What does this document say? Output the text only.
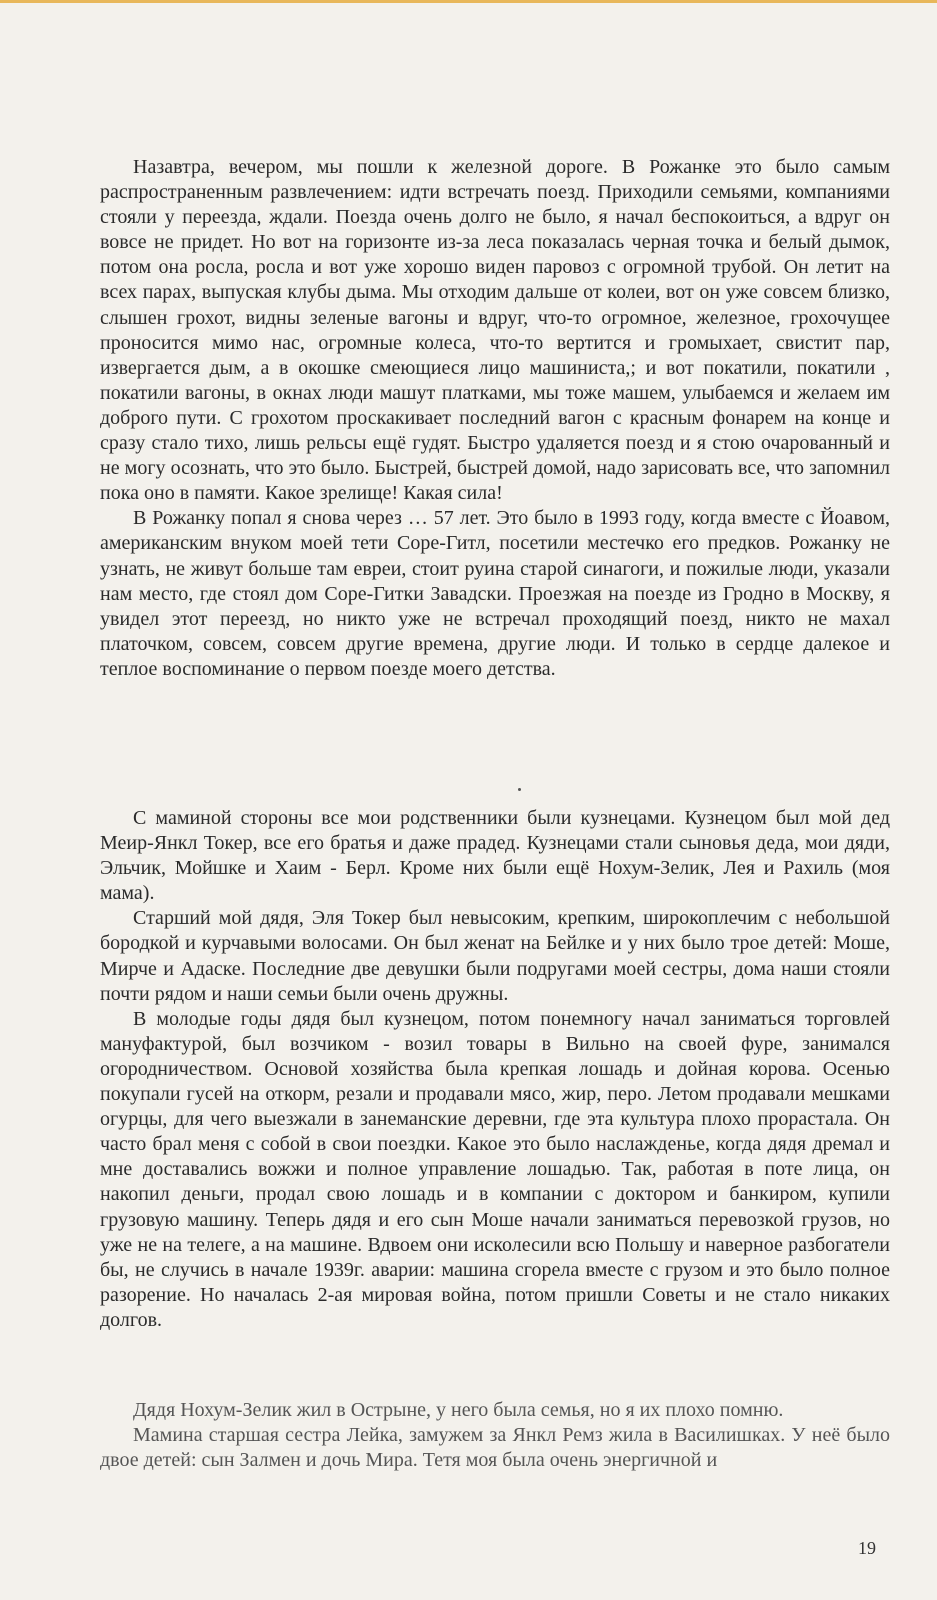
Назавтра, вечером, мы пошли к железной дороге. В Рожанке это было самым распространенным развлечением: идти встречать поезд. Приходили семьями, компаниями стояли у переезда, ждали. Поезда очень долго не было, я начал беспокоиться, а вдруг он вовсе не придет. Но вот на горизонте из-за леса показалась черная точка и белый дымок, потом она росла, росла и вот уже хорошо виден паровоз с огромной трубой. Он летит на всех парах, выпуская клубы дыма. Мы отходим дальше от колеи, вот он уже совсем близко, слышен грохот, видны зеленые вагоны и вдруг, что-то огромное, железное, грохочущее проносится мимо нас, огромные колеса, что-то вертится и громыхает, свистит пар, извергается дым, а в окошке смеющиеся лицо машиниста,; и вот покатили, покатили , покатили вагоны, в окнах люди машут платками, мы тоже машем, улыбаемся и желаем им доброго пути. С грохотом проскакивает последний вагон с красным фонарем на конце и сразу стало тихо, лишь рельсы ещё гудят. Быстро удаляется поезд и я стою очарованный и не могу осознать, что это было. Быстрей, быстрей домой, надо зарисовать все, что запомнил пока оно в памяти. Какое зрелище! Какая сила!

В Рожанку попал я снова через … 57 лет. Это было в 1993 году, когда вместе с Йоавом, американским внуком моей тети Соре-Гитл, посетили местечко его предков. Рожанку не узнать, не живут больше там евреи, стоит руина старой синагоги, и пожилые люди, указали нам место, где стоял дом Соре-Гитки Завадски. Проезжая на поезде из Гродно в Москву, я увидел этот переезд, но никто уже не встречал проходящий поезд, никто не махал платочком, совсем, совсем другие времена, другие люди. И только в сердце далекое и теплое воспоминание о первом поезде моего детства.

С маминой стороны все мои родственники были кузнецами. Кузнецом был мой дед Меир-Янкл Токер, все его братья и даже прадед. Кузнецами стали сыновья деда, мои дяди, Эльчик, Мойшке и Хаим - Берл. Кроме них были ещё Нохум-Зелик, Лея и Рахиль (моя мама).

Старший мой дядя, Эля Токер был невысоким, крепким, широкоплечим с небольшой бородкой и курчавыми волосами. Он был женат на Бейлке и у них было трое детей: Моше, Мирче и Адаске. Последние две девушки были подругами моей сестры, дома наши стояли почти рядом и наши семьи были очень дружны.

В молодые годы дядя был кузнецом, потом понемногу начал заниматься торговлей мануфактурой, был возчиком - возил товары в Вильно на своей фуре, занимался огородничеством. Основой хозяйства была крепкая лошадь и дойная корова. Осенью покупали гусей на откорм, резали и продавали мясо, жир, перо. Летом продавали мешками огурцы, для чего выезжали в занеманские деревни, где эта культура плохо прорастала. Он часто брал меня с собой в свои поездки. Какое это было наслажденье, когда дядя дремал и мне доставались вожжи и полное управление лошадью. Так, работая в поте лица, он накопил деньги, продал свою лошадь и в компании с доктором и банкиром, купили грузовую машину. Теперь дядя и его сын Моше начали заниматься перевозкой грузов, но уже не на телеге, а на машине. Вдвоем они исколесили всю Польшу и наверное разбогатели бы, не случись в начале 1939г. аварии: машина сгорела вместе с грузом и это было полное разорение. Но началась 2-ая мировая война, потом пришли Советы и не стало никаких долгов.

Дядя Нохум-Зелик жил в Острыне, у него была семья, но я их плохо помню.

Мамина старшая сестра Лейка, замужем за Янкл Ремз жила в Василишках. У неё было двое детей: сын Залмен и дочь Мира. Тетя моя была очень энергичной и

19
